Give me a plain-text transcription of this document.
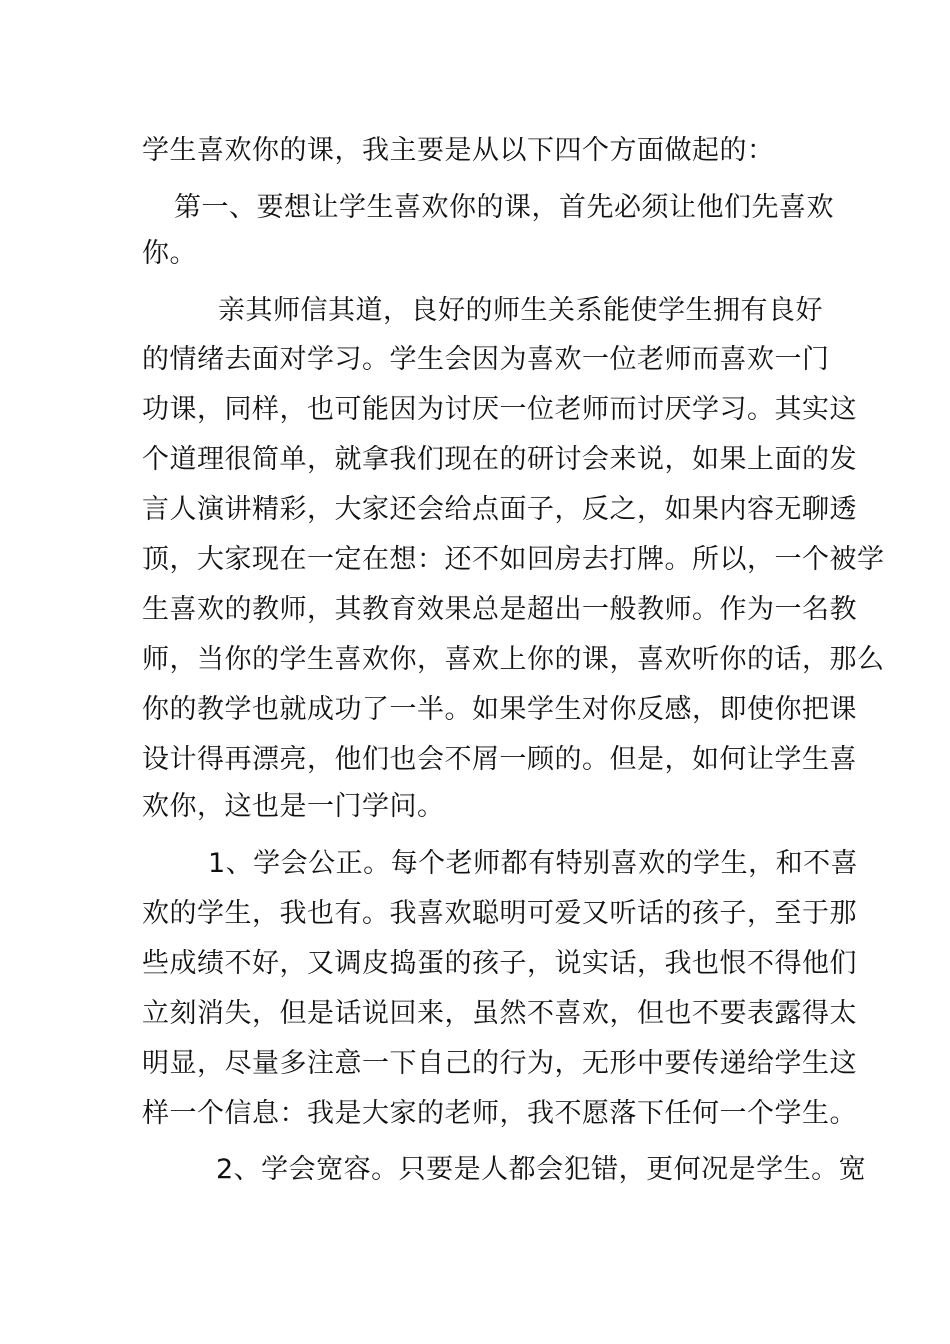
学生喜欢你的课，我主要是从以下四个方面做起的：
第一、要想让学生喜欢你的课，首先必须让他们先喜欢
你。
亲其师信其道，良好的师生关系能使学生拥有良好
的情绪去面对学习。学生会因为喜欢一位老师而喜欢一门
功课，同样，也可能因为讨厌一位老师而讨厌学习。其实这
个道理很简单，就拿我们现在的研讨会来说，如果上面的发
言人演讲精彩，大家还会给点面子，反之，如果内容无聊透
顶，大家现在一定在想：还不如回房去打牌。所以，一个被学
生喜欢的教师，其教育效果总是超出一般教师。作为一名教
师，当你的学生喜欢你，喜欢上你的课，喜欢听你的话，那么
你的教学也就成功了一半。如果学生对你反感，即使你把课
设计得再漂亮，他们也会不屑一顾的。但是，如何让学生喜
欢你，这也是一门学问。
1、学会公正。每个老师都有特别喜欢的学生，和不喜
欢的学生，我也有。我喜欢聪明可爱又听话的孩子，至于那
些成绩不好，又调皮捣蛋的孩子，说实话，我也恨不得他们
立刻消失，但是话说回来，虽然不喜欢，但也不要表露得太
明显，尽量多注意一下自己的行为，无形中要传递给学生这
样一个信息：我是大家的老师，我不愿落下任何一个学生。
2、学会宽容。只要是人都会犯错，更何况是学生。宽
